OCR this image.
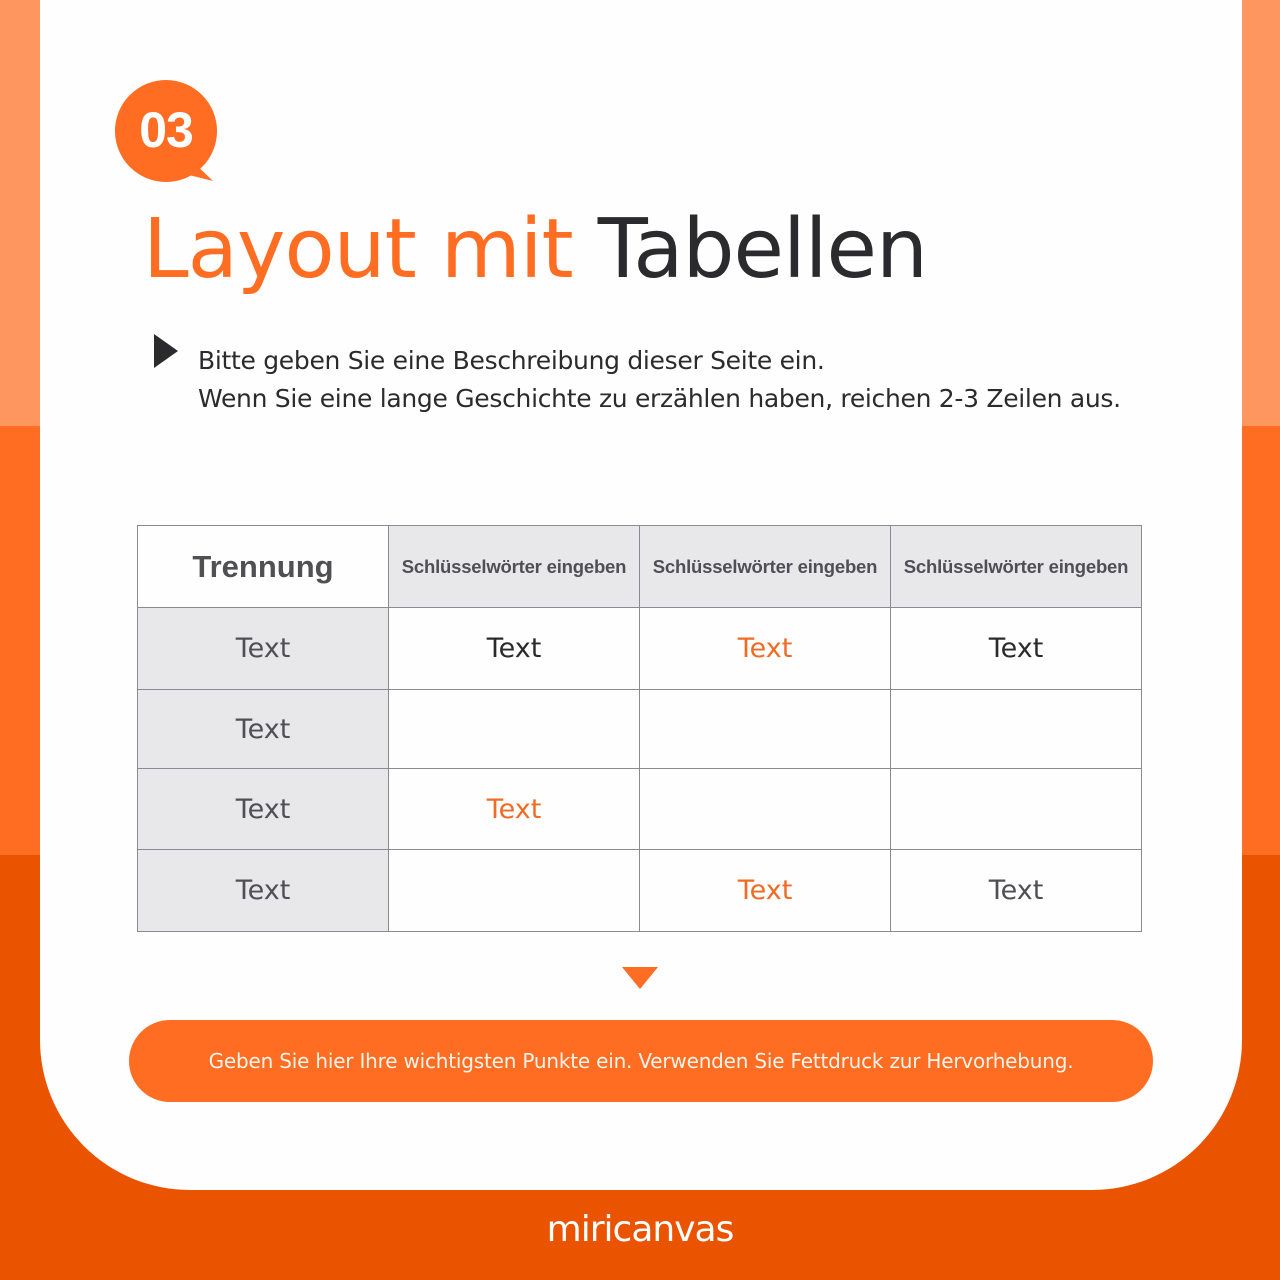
03
Layout mit Tabellen
Bitte geben Sie eine Beschreibung dieser Seite ein.
Wenn Sie eine lange Geschichte zu erzählen haben, reichen 2-3 Zeilen aus.
Trennung	Schlüsselwörter eingeben	Schlüsselwörter eingeben	Schlüsselwörter eingeben
Text	Text	Text	Text
Text			
Text	Text		
Text		Text	Text
Geben Sie hier Ihre wichtigsten Punkte ein. Verwenden Sie Fettdruck zur Hervorhebung.
miricanvas
